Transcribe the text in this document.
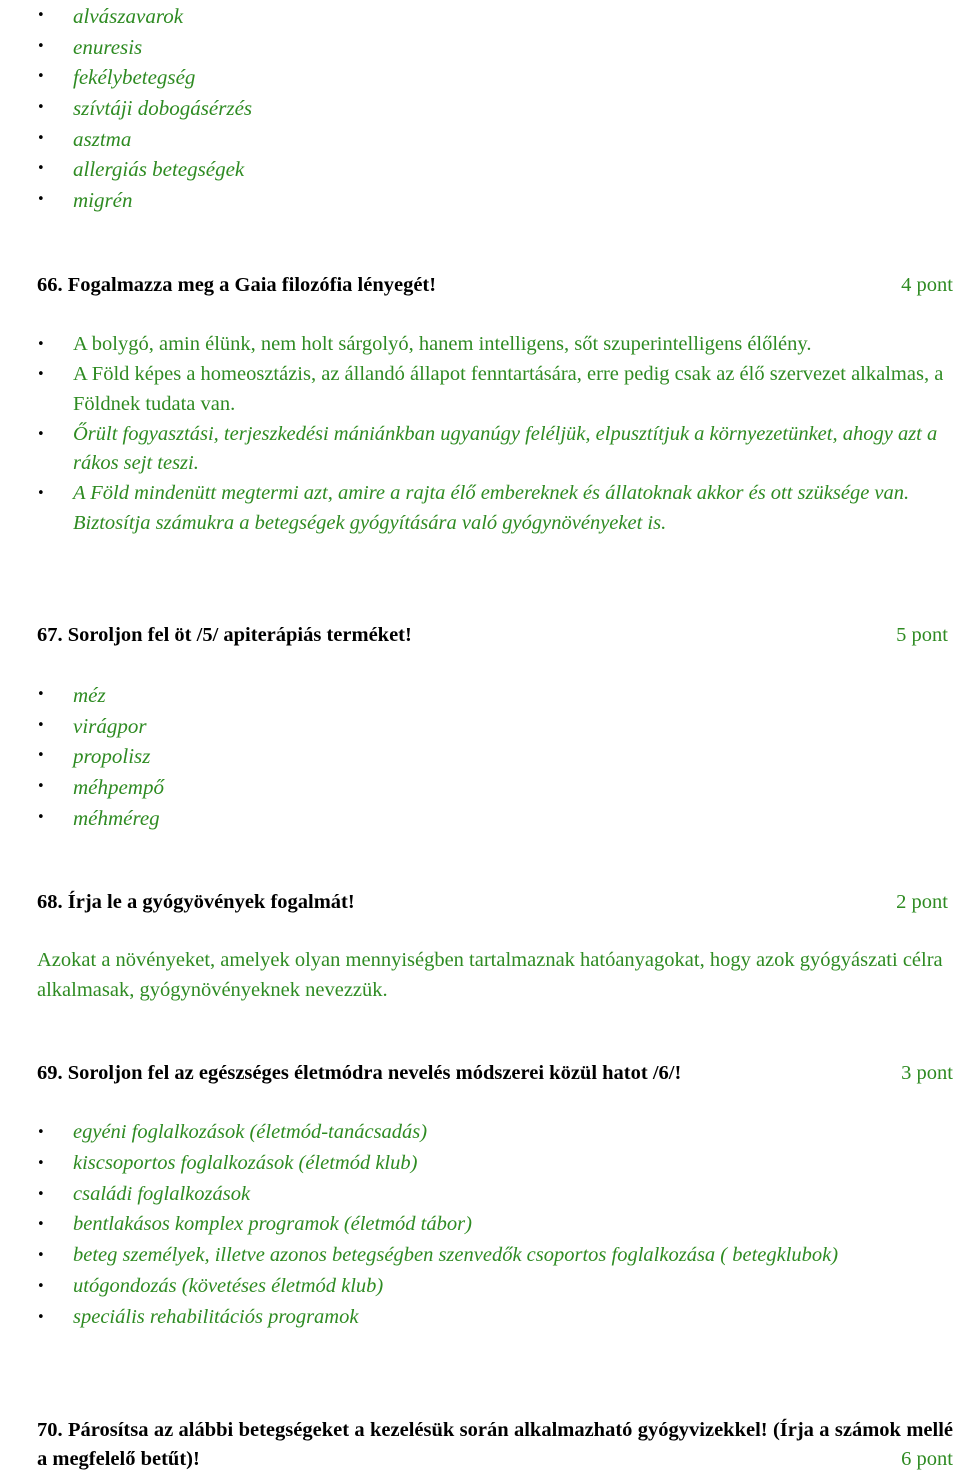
•	alvászavarok
•	enuresis
•	fekélybetegség
•	szívtáji dobogásérzés
•	asztma
•	allergiás betegségek
•	migrén
66. Fogalmazza meg a Gaia filozófia lényegét!	4 pont
•	A bolygó, amin élünk, nem holt sárgolyó, hanem intelligens, sőt szuperintelligens élőlény.
•	A Föld képes a homeosztázis, az állandó állapot fenntartására, erre pedig csak az élő szervezet alkalmas, a Földnek tudata van.
•	Őrült fogyasztási, terjeszkedési mániánkban ugyanúgy feléljük, elpusztítjuk a környezetünket, ahogy azt a rákos sejt teszi.
•	A Föld mindenütt megtermi azt, amire a rajta élő embereknek és állatoknak akkor és ott szüksége van. Biztosítja számukra a betegségek gyógyítására való gyógynövényeket is.
67. Soroljon fel öt /5/ apiterápiás terméket!	5 pont
•	méz
•	virágpor
•	propolisz
•	méhpempő
•	méhméreg
68. Írja le a gyógyövények fogalmát!	2 pont
Azokat a növényeket, amelyek olyan mennyiségben tartalmaznak hatóanyagokat, hogy azok gyógyászati célra alkalmasak, gyógynövényeknek nevezzük.
69. Soroljon fel az egészséges életmódra nevelés módszerei közül hatot /6/!	3 pont
•	egyéni foglalkozások (életmód-tanácsadás)
•	kiscsoportos foglalkozások (életmód klub)
•	családi foglalkozások
•	bentlakásos komplex programok (életmód tábor)
•	beteg személyek, illetve azonos betegségben szenvedők csoportos foglalkozása ( betegklubok)
•	utógondozás (követéses életmód klub)
•	speciális rehabilitációs programok
70. Párosítsa az alábbi betegségeket a kezelésük során alkalmazható gyógyvizekkel! (Írja a számok mellé a megfelelő betűt)!	6 pont
